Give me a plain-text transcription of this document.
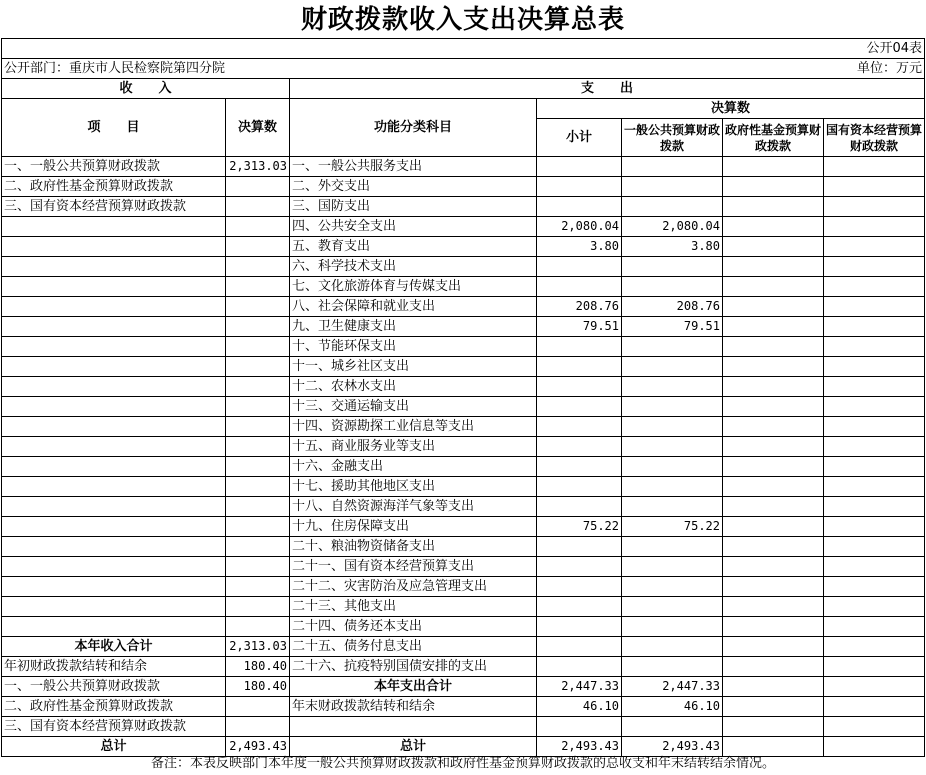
财政拨款收入支出决算总表
						公开04表
公开部门：重庆市人民检察院第四分院						单位：万元
收　　入		支　　出				
项　　目	决算数	功能分类科目	决算数			
			小计	一般公共预算财政拨款	政府性基金预算财政拨款	国有资本经营预算财政拨款
一、一般公共预算财政拨款	2,313.03	一、一般公共服务支出				
二、政府性基金预算财政拨款		二、外交支出				
三、国有资本经营预算财政拨款		三、国防支出				
		四、公共安全支出	2,080.04	2,080.04		
		五、教育支出	3.80	3.80		
		六、科学技术支出				
		七、文化旅游体育与传媒支出				
		八、社会保障和就业支出	208.76	208.76		
		九、卫生健康支出	79.51	79.51		
		十、节能环保支出				
		十一、城乡社区支出				
		十二、农林水支出				
		十三、交通运输支出				
		十四、资源勘探工业信息等支出				
		十五、商业服务业等支出				
		十六、金融支出				
		十七、援助其他地区支出				
		十八、自然资源海洋气象等支出				
		十九、住房保障支出	75.22	75.22		
		二十、粮油物资储备支出				
		二十一、国有资本经营预算支出				
		二十二、灾害防治及应急管理支出				
		二十三、其他支出				
		二十四、债务还本支出				
本年收入合计	2,313.03	二十五、债务付息支出				
年初财政拨款结转和结余	180.40	二十六、抗疫特别国债安排的支出				
一、一般公共预算财政拨款	180.40	本年支出合计	2,447.33	2,447.33		
二、政府性基金预算财政拨款		年末财政拨款结转和结余	46.10	46.10		
三、国有资本经营预算财政拨款						
总计	2,493.43	总计	2,493.43	2,493.43		
备注：本表反映部门本年度一般公共预算财政拨款和政府性基金预算财政拨款的总收支和年末结转结余情况。
